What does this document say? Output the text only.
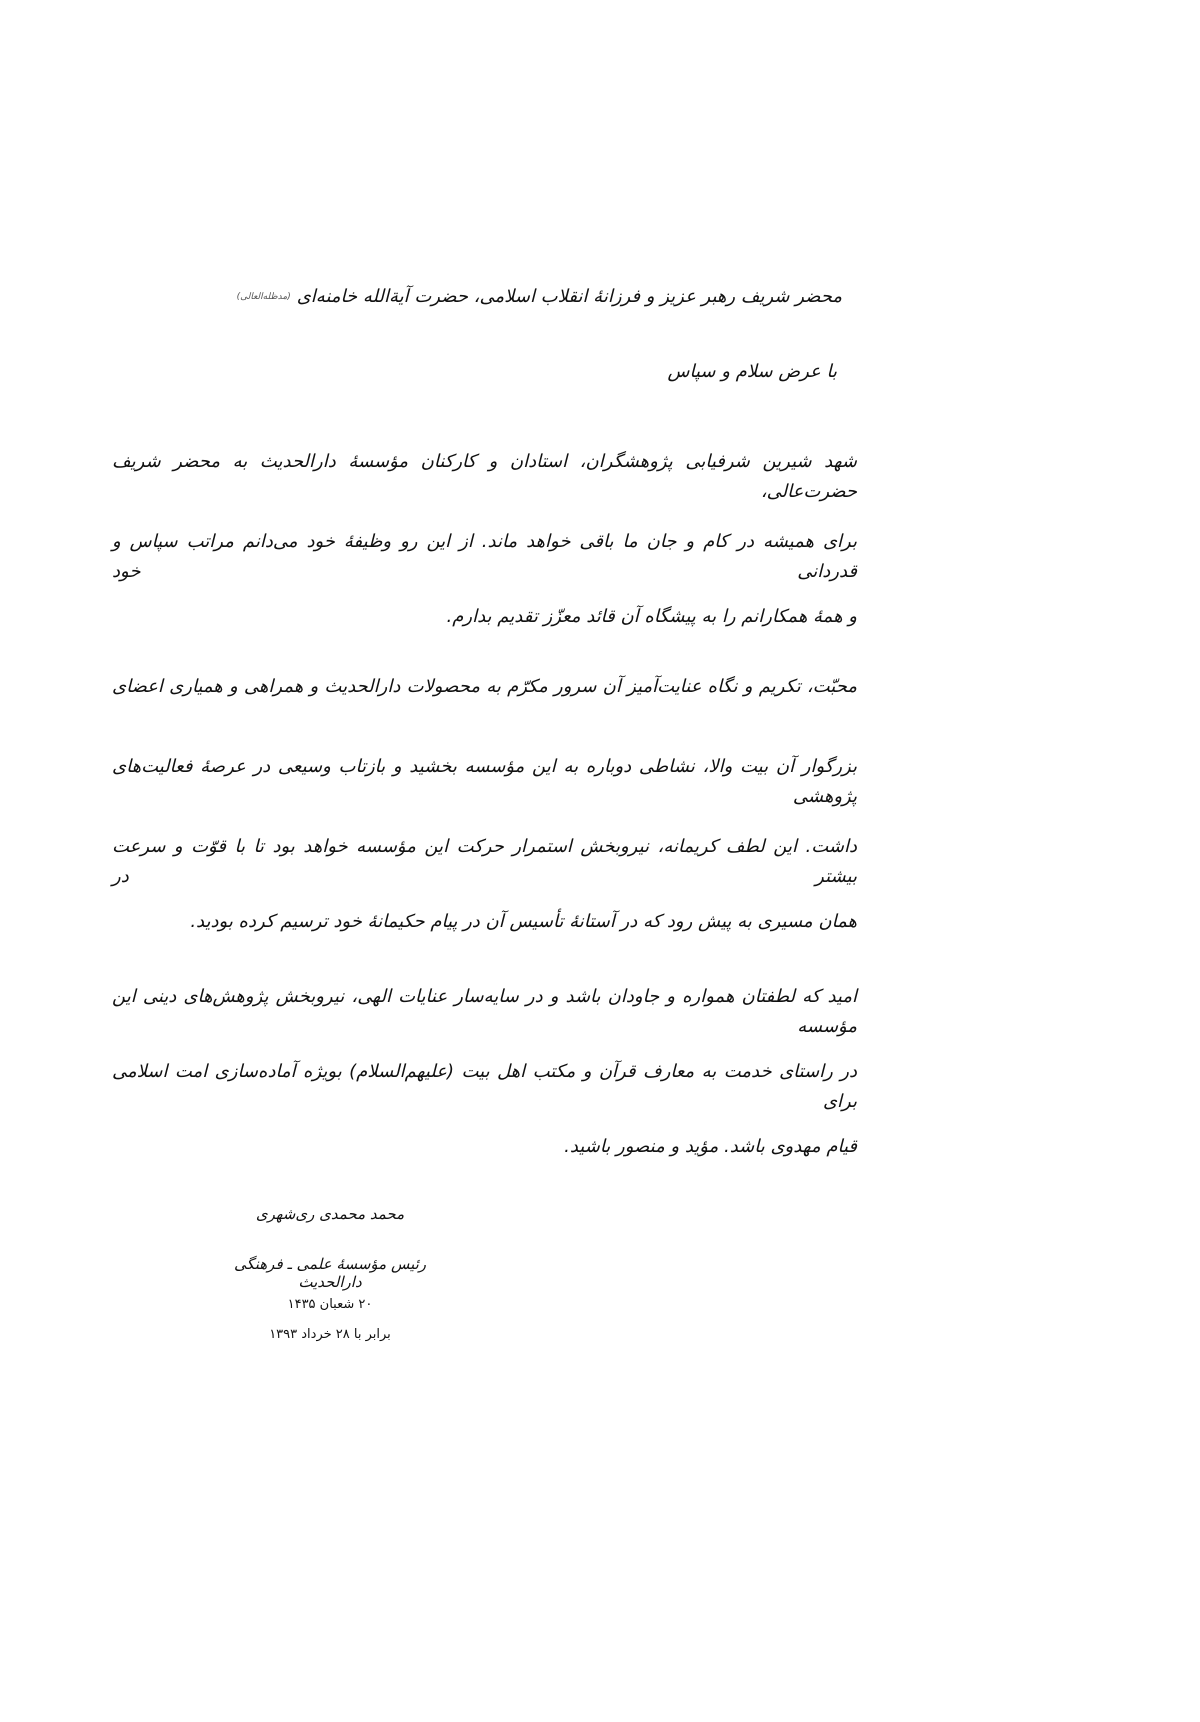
محضر شریف رهبر عزیز و فرزانهٔ انقلاب اسلامی، حضرت آیة‌الله خامنه‌ای(مدظله‌العالی)
با عرض سلام و سپاس
شهد شیرین شرفیابی پژوهشگران، استادان و کارکنان مؤسسهٔ دارالحدیث به محضر شریف حضرت‌عالی،
برای همیشه در کام و جان ما باقی خواهد ماند. از این رو وظیفهٔ خود می‌دانم مراتب سپاس و قدردانی خود
و همهٔ همکارانم را به پیشگاه آن قائد معزّز تقدیم بدارم.
محبّت، تکریم و نگاه عنایت‌آمیز آن سرور مکرّم به محصولات دارالحدیث و همراهی و همیاری اعضای
بزرگوار آن بیت والا، نشاطی دوباره به این مؤسسه بخشید و بازتاب وسیعی در عرصهٔ فعالیت‌های پژوهشی
داشت. این لطف کریمانه، نیروبخش استمرار حرکت این مؤسسه خواهد بود تا با قوّت و سرعت بیشتر در
همان مسیری به پیش رود که در آستانهٔ تأسیس آن در پیام حکیمانهٔ خود ترسیم کرده بودید.
امید که لطفتان همواره و جاودان باشد و در سایه‌سار عنایات الهی، نیروبخش پژوهش‌های دینی این مؤسسه
در راستای خدمت به معارف قرآن و مکتب اهل بیت (علیهم‌السلام) بویژه آماده‌سازی امت اسلامی برای
قیام مهدوی باشد. مؤید و منصور باشید.
محمد محمدی ری‌شهری
رئیس مؤسسهٔ علمی ـ فرهنگی دارالحدیث
۲۰ شعبان ۱۴۳۵
برابر با ۲۸ خرداد ۱۳۹۳
